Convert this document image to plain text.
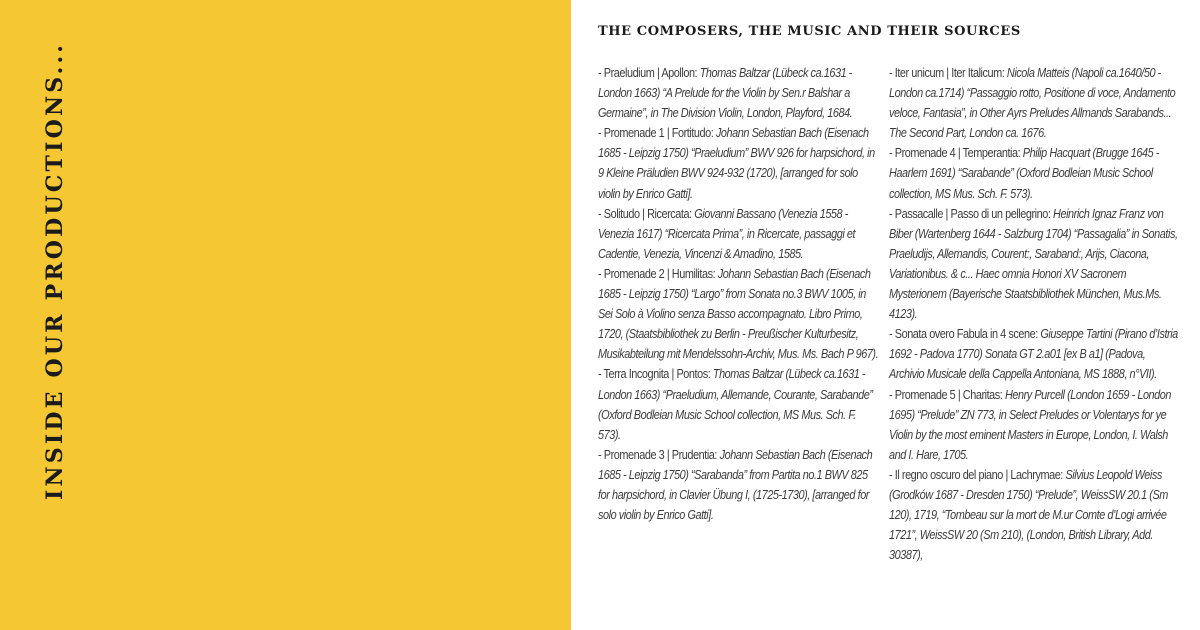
INSIDE OUR PRODUCTIONS...
THE COMPOSERS, THE MUSIC AND THEIR SOURCES

- Praeludium | Apollon: Thomas Baltzar (Lübeck ca.1631 - London 1663) “A Prelude for the Violin by Sen.r Balshar a Germaine”, in The Division Violin, London, Playford, 1684.

- Promenade 1 | Fortitudo: Johann Sebastian Bach (Eisenach 1685 - Leipzig 1750) “Praeludium” BWV 926 for harpsichord, in 9 Kleine Präludien BWV 924-932 (1720), [arranged for solo violin by Enrico Gatti].

- Solitudo | Ricercata: Giovanni Bassano (Venezia 1558 - Venezia 1617) “Ricercata Prima”, in Ricercate, passaggi et Cadentie, Venezia, Vincenzi & Amadino, 1585.

- Promenade 2 | Humilitas: Johann Sebastian Bach (Eisenach 1685 - Leipzig 1750) “Largo” from Sonata no.3 BWV 1005, in Sei Solo à Violino senza Basso accompagnato. Libro Primo, 1720, (Staatsbibliothek zu Berlin - Preußischer Kulturbesitz, Musikabteilung mit Mendelssohn-Archiv, Mus. Ms. Bach P 967).

- Terra Incognita | Pontos: Thomas Baltzar (Lübeck ca.1631 - London 1663) “Praeludium, Allemande, Courante, Sarabande” (Oxford Bodleian Music School collection, MS Mus. Sch. F. 573).

- Promenade 3 | Prudentia: Johann Sebastian Bach (Eisenach 1685 - Leipzig 1750) “Sarabanda” from Partita no.1 BWV 825 for harpsichord, in Clavier Übung I, (1725-1730), [arranged for solo violin by Enrico Gatti].

- Iter unicum | Iter Italicum: Nicola Matteis (Napoli ca.1640/50 - London ca.1714) “Passaggio rotto, Positione di voce, Andamento veloce, Fantasia”, in Other Ayrs Preludes Allmands Sarabands... The Second Part, London ca. 1676.

- Promenade 4 | Temperantia: Philip Hacquart (Brugge 1645 - Haarlem 1691) “Sarabande” (Oxford Bodleian Music School collection, MS Mus. Sch. F. 573).

- Passacalle | Passo di un pellegrino: Heinrich Ignaz Franz von Biber (Wartenberg 1644 - Salzburg 1704) “Passagalia” in Sonatis, Praeludijs, Allemandis, Courent:, Saraband:, Arijs, Ciacona, Variationibus. & c... Haec omnia Honori XV Sacronem Mysterionem (Bayerische Staatsbibliothek München, Mus.Ms. 4123).

- Sonata overo Fabula in 4 scene: Giuseppe Tartini (Pirano d’Istria 1692 - Padova 1770) Sonata GT 2.a01 [ex B a1] (Padova, Archivio Musicale della Cappella Antoniana, MS 1888, n°VII).

- Promenade 5 | Charitas: Henry Purcell (London 1659 - London 1695) “Prelude” ZN 773, in Select Preludes or Volentarys for ye Violin by the most eminent Masters in Europe, London, I. Walsh and I. Hare, 1705.

- Il regno oscuro del piano | Lachrymae: Silvius Leopold Weiss (Grodków 1687 - Dresden 1750) “Prelude”, WeissSW 20.1 (Sm 120), 1719, “Tombeau sur la mort de M.ur Comte d’Logi arrivée 1721”, WeissSW 20 (Sm 210), (London, British Library, Add. 30387),
